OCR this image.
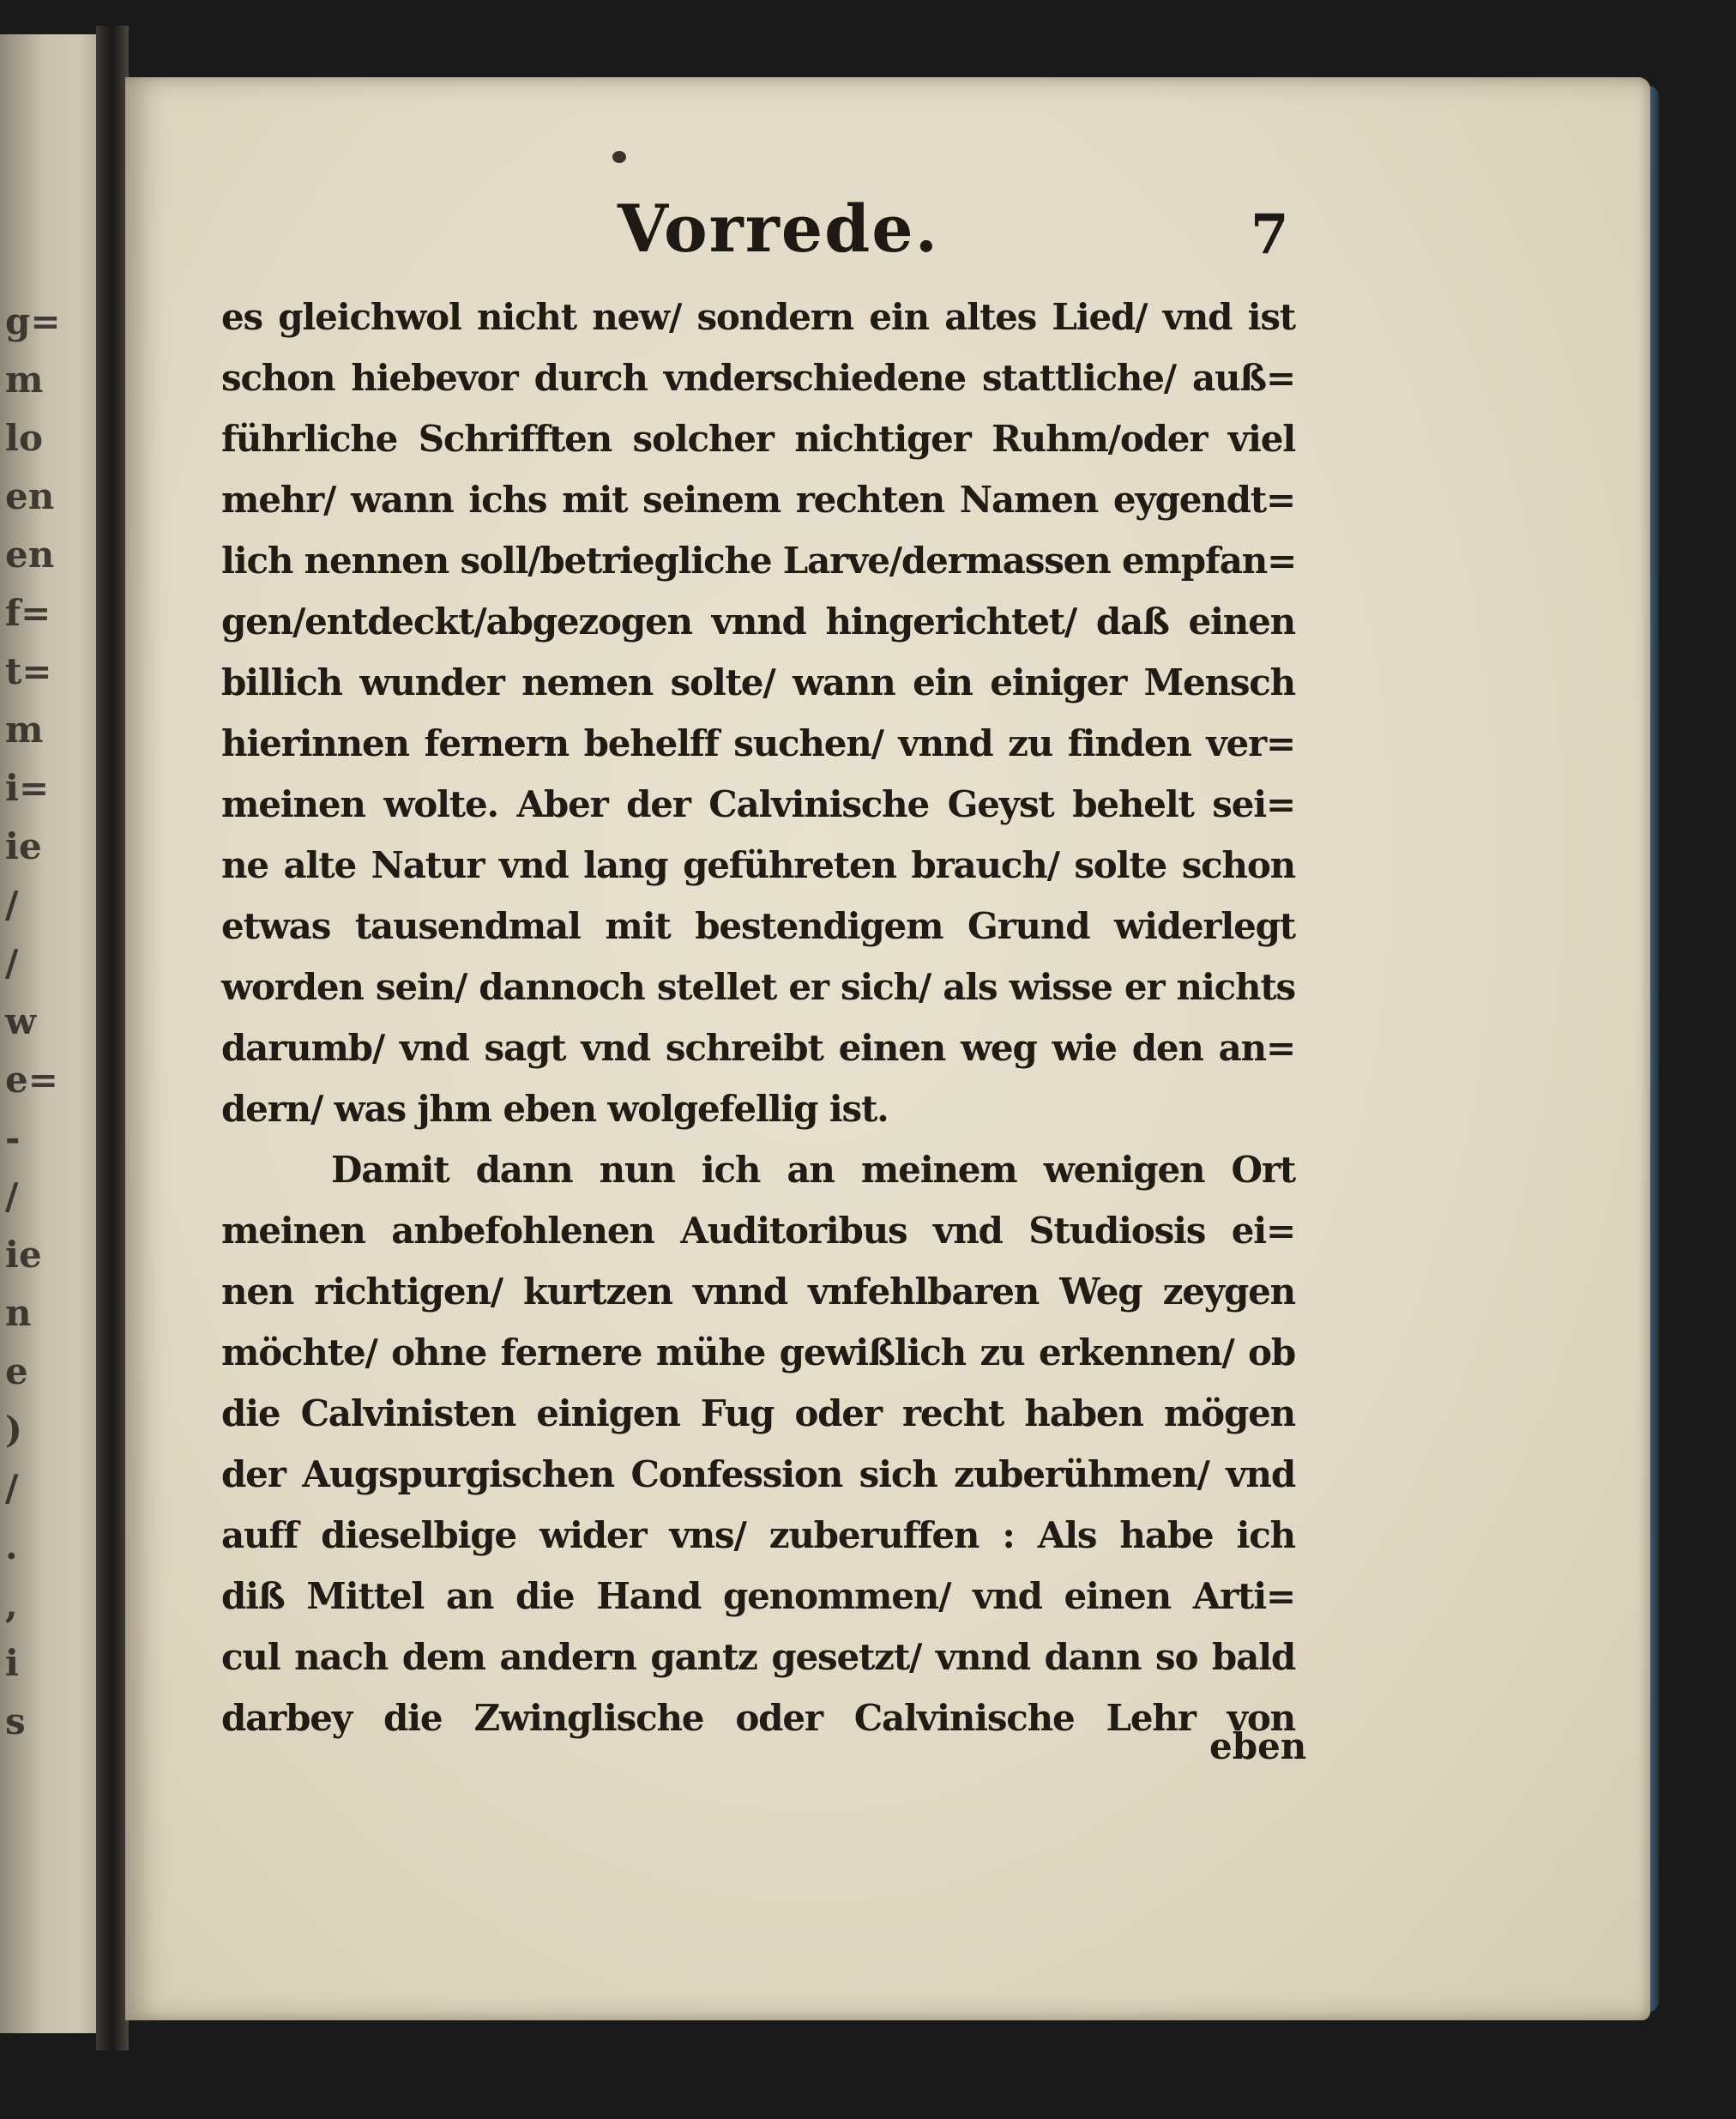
g=
m
lo
en
en
f=
t=
m
i=
ie
/
/
w
e=
-
/
ie
n
e
)
/
.
,
i
s
Vorrede.	7

es gleichwol nicht new/ sondern ein altes Lied/ vnd ist
schon hiebevor durch vnderschiedene stattliche/ auß=
führliche Schrifften solcher nichtiger Ruhm/oder viel
mehr/ wann ichs mit seinem rechten Namen eygendt=
lich nennen soll/betriegliche Larve/dermassen empfan=
gen/entdeckt/abgezogen vnnd hingerichtet/ daß einen
billich wunder nemen solte/ wann ein einiger Mensch
hierinnen fernern behelff suchen/ vnnd zu finden ver=
meinen wolte. Aber der Calvinische Geyst behelt sei=
ne alte Natur vnd lang geführeten brauch/ solte schon
etwas tausendmal mit bestendigem Grund widerlegt
worden sein/ dannoch stellet er sich/ als wisse er nichts
darumb/ vnd sagt vnd schreibt einen weg wie den an=
dern/ was jhm eben wolgefellig ist.
Damit dann nun ich an meinem wenigen Ort
meinen anbefohlenen Auditoribus vnd Studiosis ei=
nen richtigen/ kurtzen vnnd vnfehlbaren Weg zeygen
möchte/ ohne fernere mühe gewißlich zu erkennen/ ob
die Calvinisten einigen Fug oder recht haben mögen
der Augspurgischen Confession sich zuberühmen/ vnd
auff dieselbige wider vns/ zuberuffen : Als habe ich
diß Mittel an die Hand genommen/ vnd einen Arti=
cul nach dem andern gantz gesetzt/ vnnd dann so bald
darbey die Zwinglische oder Calvinische Lehr von

eben
